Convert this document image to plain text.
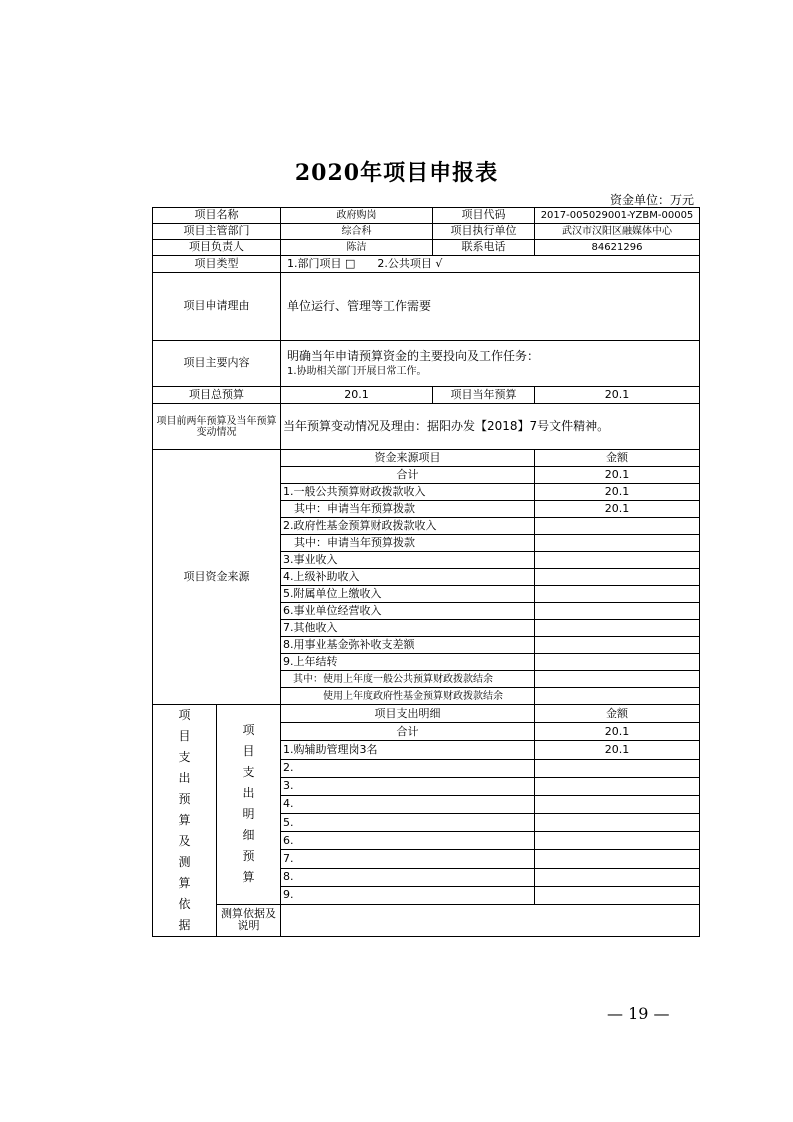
2020年项目申报表
资金单位：万元
项目名称		政府购岗	项目代码	2017-005029001-YZBM-00005
项目主管部门		综合科	项目执行单位	武汉市汉阳区融媒体中心
项目负责人		陈洁	联系电话	84621296
项目类型		1.部门项目 □　　2.公共项目 √		
项目申请理由		单位运行、管理等工作需要		
项目主要内容		明确当年申请预算资金的主要投向及工作任务：
1.协助相关部门开展日常工作。		

项目总预算		20.1	项目当年预算	20.1
项目前两年预算及当年预算变动情况		当年预算变动情况及理由：据阳办发【2018】7号文件精神。		
项目资金来源		资金来源项目		金额
		合计		20.1
		1.一般公共预算财政拨款收入		20.1
		　其中：申请当年预算拨款		20.1
		2.政府性基金预算财政拨款收入		
		　其中：申请当年预算拨款		
		3.事业收入		
		4.上级补助收入		
		5.附属单位上缴收入		
		6.事业单位经营收入		
		7.其他收入		
		8.用事业基金弥补收支差额		
		9.上年结转		
		　其中：使用上年度一般公共预算财政拨款结余		
		　　　　使用上年度政府性基金预算财政拨款结余		

项目支出预算及测算依据	项目支出明细预算	项目支出明细		金额
		合计		20.1
		1.购辅助管理岗3名		20.1
		2.		
		3.		
		4.		
		5.		
		6.		
		7.		
		8.		
		9.		
	测算依据及说明			
— 19 —
